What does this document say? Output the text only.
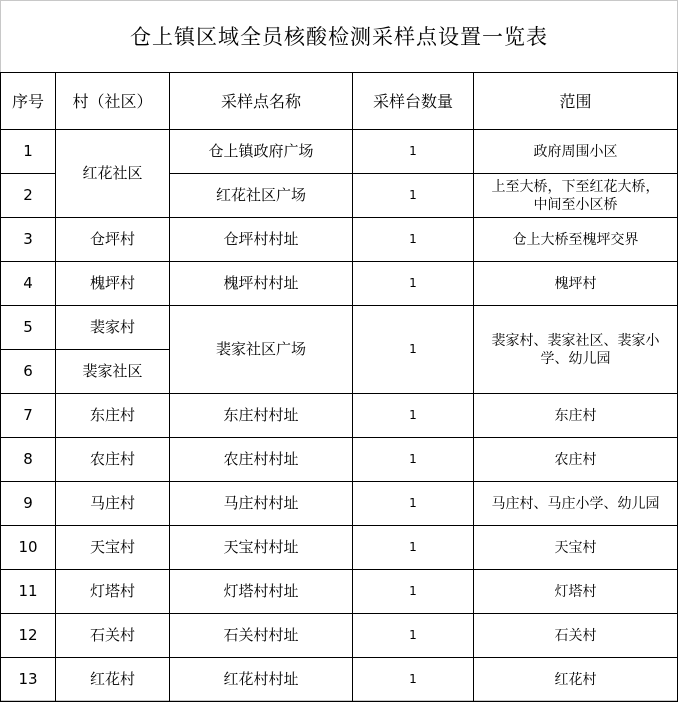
仓上镇区域全员核酸检测采样点设置一览表
序号	村（社区）	采样点名称	采样台数量	范围
1	红花社区	仓上镇政府广场	1	政府周围小区
2		红花社区广场	1	上至大桥，下至红花大桥，
中间至小区桥
3	仓坪村	仓坪村村址	1	仓上大桥至槐坪交界
4	槐坪村	槐坪村村址	1	槐坪村
5	裴家村	裴家社区广场	1	裴家村、裴家社区、裴家小
学、幼儿园
6	裴家社区			
7	东庄村	东庄村村址	1	东庄村
8	农庄村	农庄村村址	1	农庄村
9	马庄村	马庄村村址	1	马庄村、马庄小学、幼儿园
10	天宝村	天宝村村址	1	天宝村
11	灯塔村	灯塔村村址	1	灯塔村
12	石关村	石关村村址	1	石关村
13	红花村	红花村村址	1	红花村
